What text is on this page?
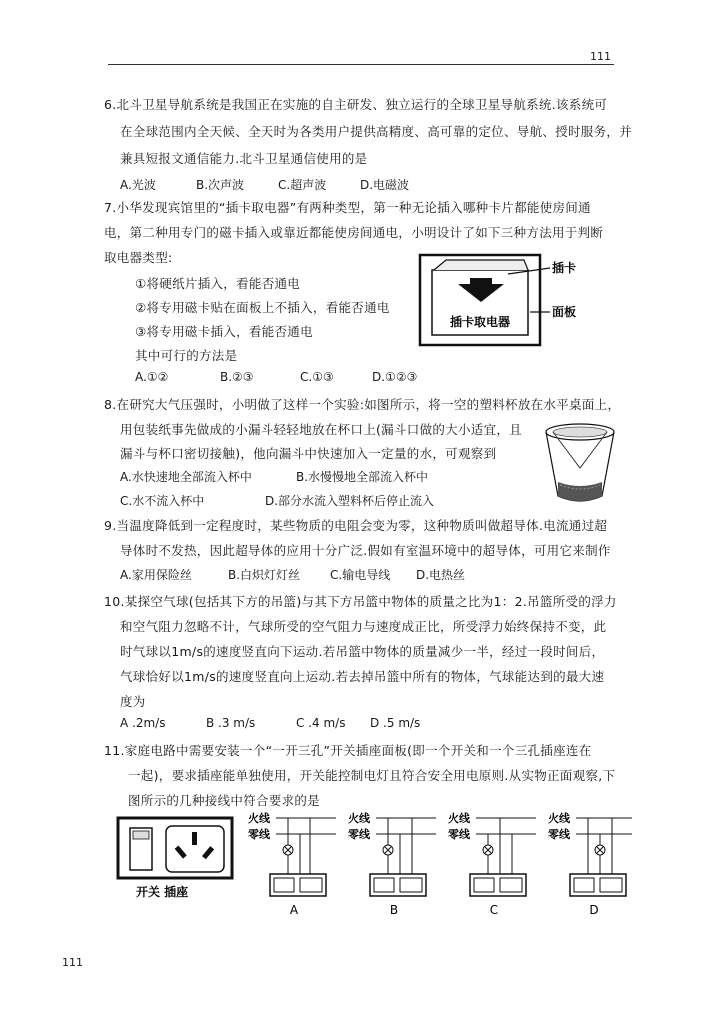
111
6.北斗卫星导航系统是我国正在实施的自主研发、独立运行的全球卫星导航系统.该系统可
在全球范围内全天候、全天时为各类用户提供高精度、高可靠的定位、导航、授时服务，并
兼具短报文通信能力.北斗卫星通信使用的是
A.光波	B.次声波	C.超声波	D.电磁波
7.小华发现宾馆里的“插卡取电器”有两种类型，第一种无论插入哪种卡片都能使房间通
电，第二种用专门的磁卡插入或靠近都能使房间通电，小明设计了如下三种方法用于判断
取电器类型:
①将硬纸片插入，看能否通电
②将专用磁卡贴在面板上不插入，看能否通电
③将专用磁卡插入，看能否通电
其中可行的方法是
A.①②	B.②③	C.①③	D.①②③
插卡取电器
插卡
面板
8.在研究大气压强时，小明做了这样一个实验:如图所示，将一空的塑料杯放在水平桌面上，
用包装纸事先做成的小漏斗轻轻地放在杯口上(漏斗口做的大小适宜，且
漏斗与杯口密切接触)，他向漏斗中快速加入一定量的水，可观察到
A.水快速地全部流入杯中	B.水慢慢地全部流入杯中
C.水不流入杯中	D.部分水流入塑料杯后停止流入
9.当温度降低到一定程度时，某些物质的电阻会变为零，这种物质叫做超导体.电流通过超
导体时不发热，因此超导体的应用十分广泛.假如有室温环境中的超导体，可用它来制作
A.家用保险丝	B.白炽灯灯丝 C.输电导线 D.电热丝
10.某探空气球(包括其下方的吊篮)与其下方吊篮中物体的质量之比为1：2.吊篮所受的浮力
和空气阻力忽略不计，气球所受的空气阻力与速度成正比，所受浮力始终保持不变，此
时气球以1m/s的速度竖直向下运动.若吊篮中物体的质量减少一半，经过一段时间后，
气球恰好以1m/s的速度竖直向上运动.若去掉吊篮中所有的物体，气球能达到的最大速
度为
A .2m/s	B .3 m/s	C .4 m/s D .5 m/s
11.家庭电路中需要安装一个“一开三孔”开关插座面板(即一个开关和一个三孔插座连在
一起)，要求插座能单独使用，开关能控制电灯且符合安全用电原则.从实物正面观察,下
图所示的几种接线中符合要求的是
开关 插座
火线
零线
A
火线
零线
B
火线
零线
C
火线
零线
D
111
